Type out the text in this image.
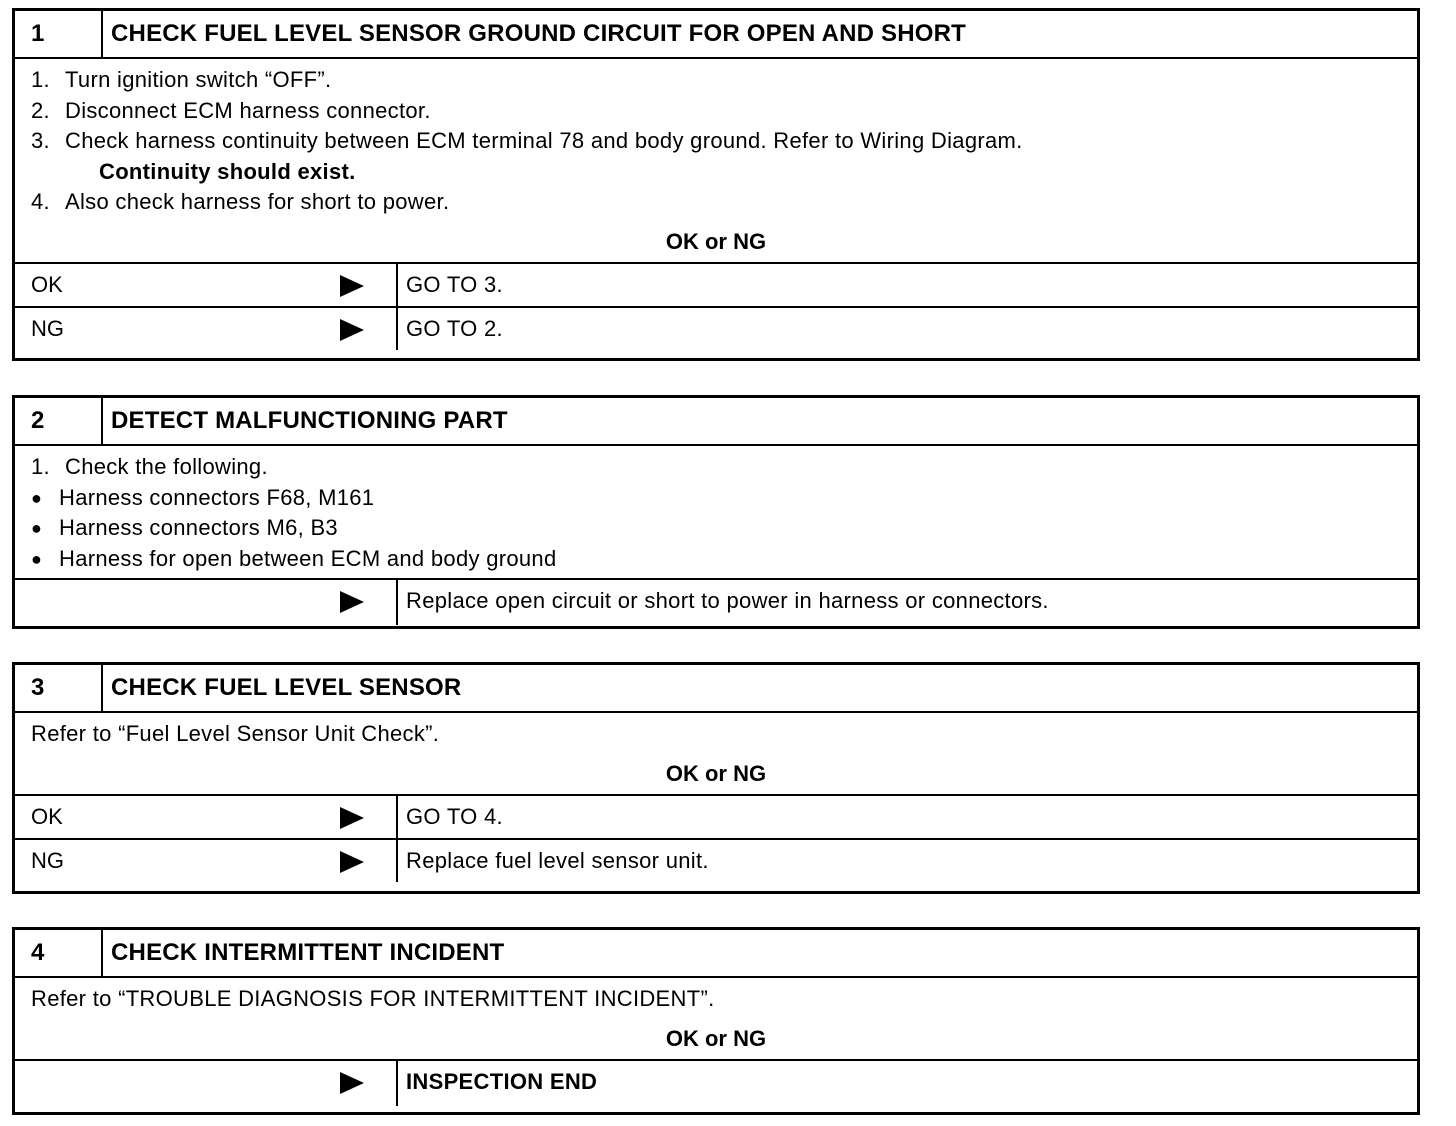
1	CHECK FUEL LEVEL SENSOR GROUND CIRCUIT FOR OPEN AND SHORT
1. Turn ignition switch “OFF”.
2. Disconnect ECM harness connector.
3. Check harness continuity between ECM terminal 78 and body ground. Refer to Wiring Diagram.
Continuity should exist.
4. Also check harness for short to power.
OK or NG
OK	GO TO 3.
NG	GO TO 2.
2	DETECT MALFUNCTIONING PART
1. Check the following.
● Harness connectors F68, M161
● Harness connectors M6, B3
● Harness for open between ECM and body ground
Replace open circuit or short to power in harness or connectors.
3	CHECK FUEL LEVEL SENSOR
Refer to “Fuel Level Sensor Unit Check”.
OK or NG
OK	GO TO 4.
NG	Replace fuel level sensor unit.
4	CHECK INTERMITTENT INCIDENT
Refer to “TROUBLE DIAGNOSIS FOR INTERMITTENT INCIDENT”.
OK or NG
INSPECTION END
